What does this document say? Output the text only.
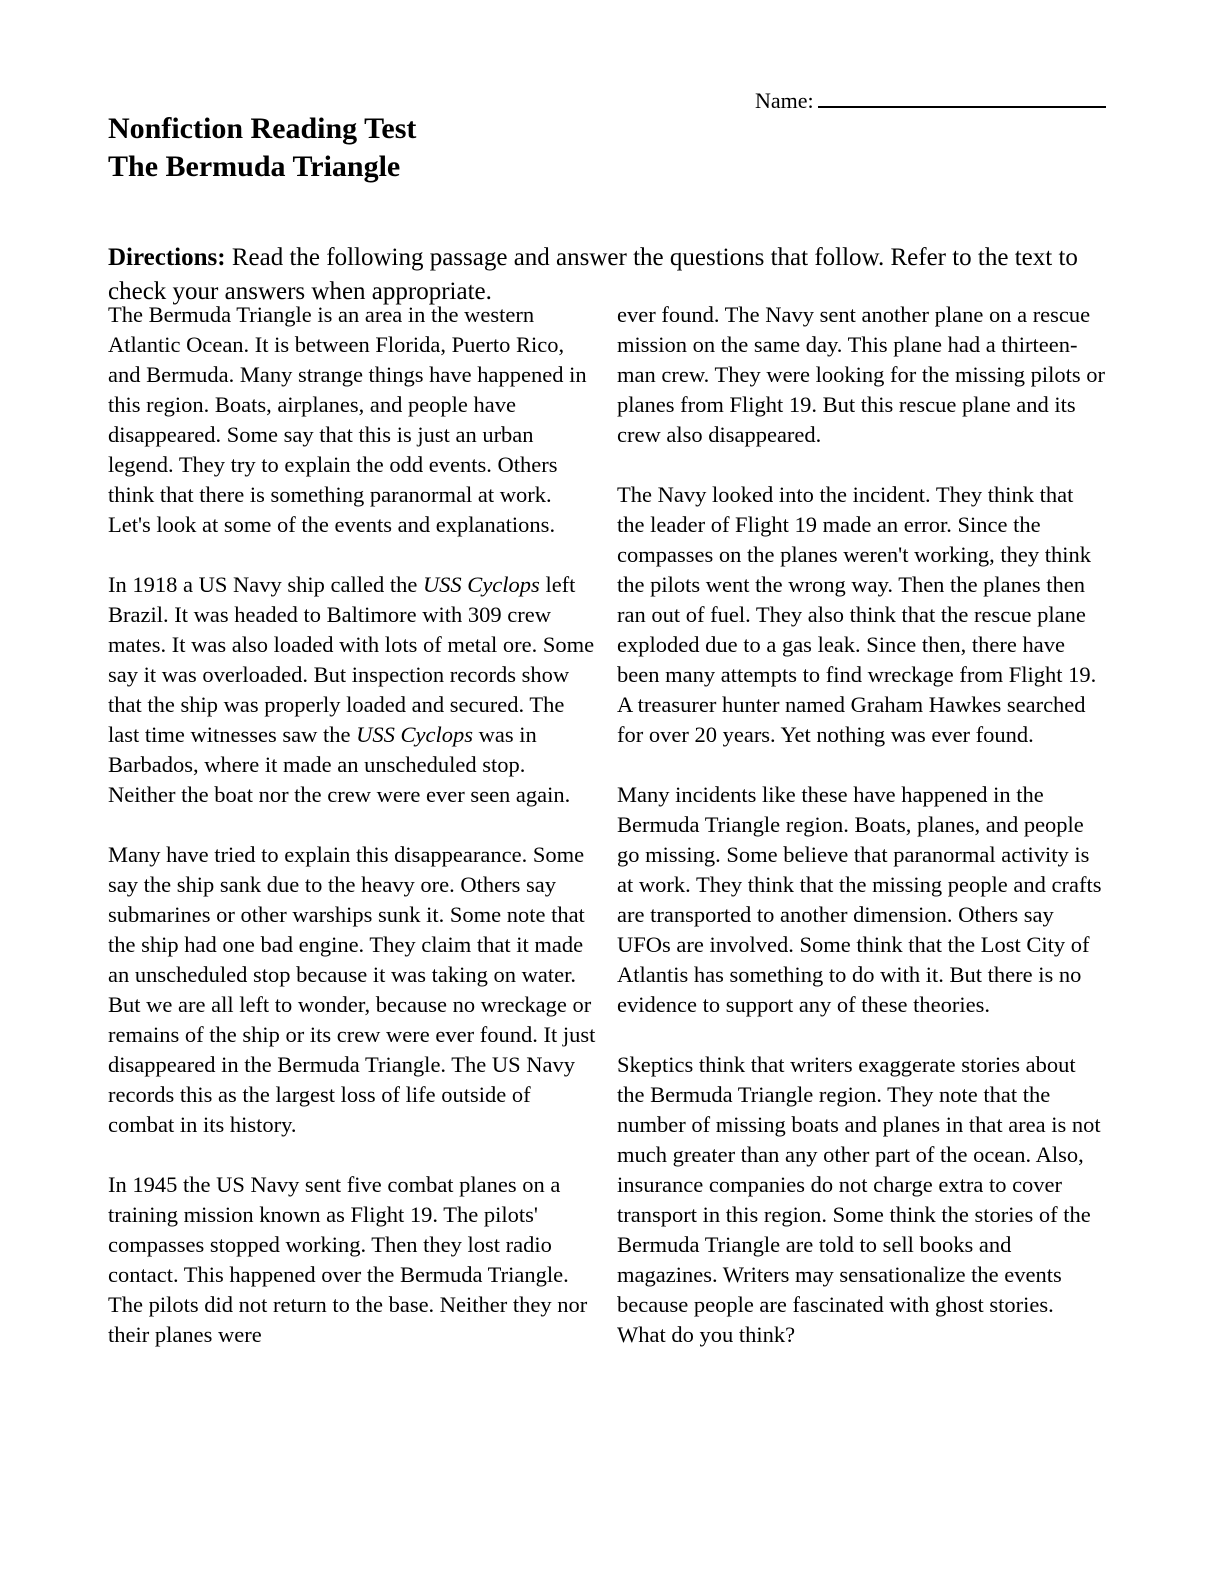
Name:
Nonfiction Reading Test
The Bermuda Triangle

Directions: Read the following passage and answer the questions that follow. Refer to the text to check your answers when appropriate.

The Bermuda Triangle is an area in the western Atlantic Ocean. It is between Florida, Puerto Rico, and Bermuda. Many strange things have happened in this region. Boats, airplanes, and people have disappeared. Some say that this is just an urban legend. They try to explain the odd events. Others think that there is something paranormal at work. Let's look at some of the events and explanations.

In 1918 a US Navy ship called the USS Cyclops left Brazil. It was headed to Baltimore with 309 crew mates. It was also loaded with lots of metal ore. Some say it was overloaded. But inspection records show that the ship was properly loaded and secured. The last time witnesses saw the USS Cyclops was in Barbados, where it made an unscheduled stop. Neither the boat nor the crew were ever seen again.

Many have tried to explain this disappearance. Some say the ship sank due to the heavy ore. Others say submarines or other warships sunk it. Some note that the ship had one bad engine. They claim that it made an unscheduled stop because it was taking on water. But we are all left to wonder, because no wreckage or remains of the ship or its crew were ever found. It just disappeared in the Bermuda Triangle. The US Navy records this as the largest loss of life outside of combat in its history.

In 1945 the US Navy sent five combat planes on a training mission known as Flight 19. The pilots' compasses stopped working. Then they lost radio contact. This happened over the Bermuda Triangle. The pilots did not return to the base. Neither they nor their planes were

ever found. The Navy sent another plane on a rescue mission on the same day. This plane had a thirteen-man crew. They were looking for the missing pilots or planes from Flight 19. But this rescue plane and its crew also disappeared.

The Navy looked into the incident. They think that the leader of Flight 19 made an error. Since the compasses on the planes weren't working, they think the pilots went the wrong way. Then the planes then ran out of fuel. They also think that the rescue plane exploded due to a gas leak. Since then, there have been many attempts to find wreckage from Flight 19. A treasurer hunter named Graham Hawkes searched for over 20 years. Yet nothing was ever found.

Many incidents like these have happened in the Bermuda Triangle region. Boats, planes, and people go missing. Some believe that paranormal activity is at work. They think that the missing people and crafts are transported to another dimension. Others say UFOs are involved. Some think that the Lost City of Atlantis has something to do with it. But there is no evidence to support any of these theories.

Skeptics think that writers exaggerate stories about the Bermuda Triangle region. They note that the number of missing boats and planes in that area is not much greater than any other part of the ocean. Also, insurance companies do not charge extra to cover transport in this region. Some think the stories of the Bermuda Triangle are told to sell books and magazines. Writers may sensationalize the events because people are fascinated with ghost stories. What do you think?
